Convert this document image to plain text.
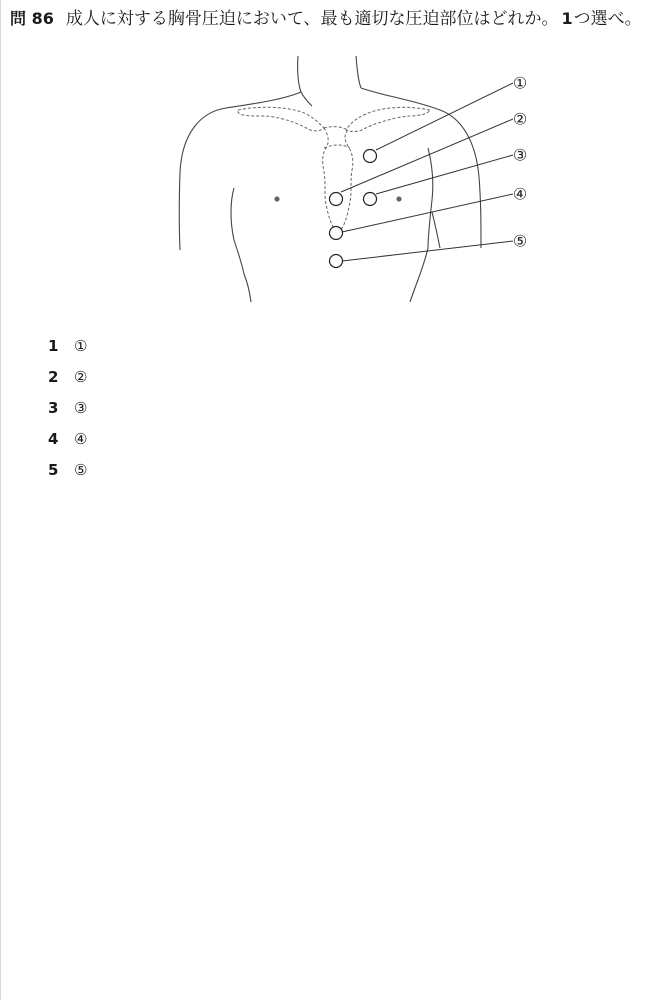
問 86 成人に対する胸骨圧迫において、最も適切な圧迫部位はどれか。 1つ選べ。
①
②
③
④
⑤
1	①
2	②
3	③
4	④
5	⑤
